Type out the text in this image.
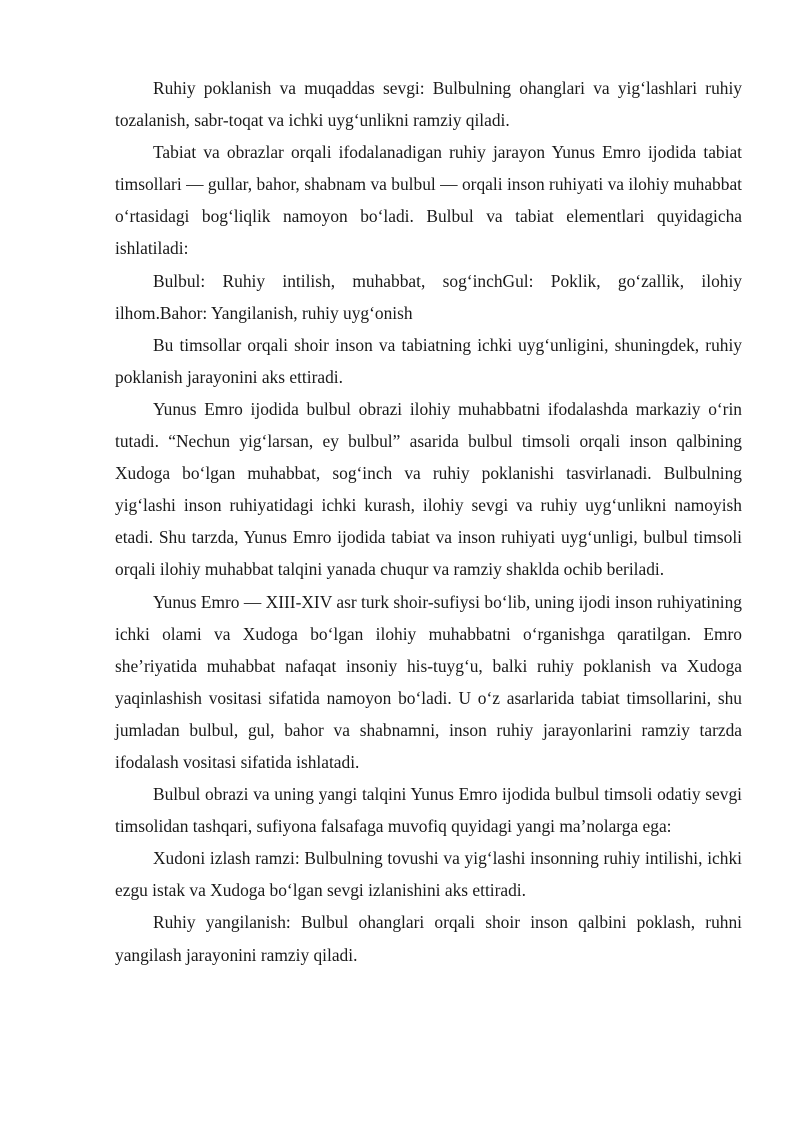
Ruhiy poklanish va muqaddas sevgi: Bulbulning ohanglari va yig‘lashlari ruhiy tozalanish, sabr-toqat va ichki uyg‘unlikni ramziy qiladi.

Tabiat va obrazlar orqali ifodalanadigan ruhiy jarayon Yunus Emro ijodida tabiat timsollari — gullar, bahor, shabnam va bulbul — orqali inson ruhiyati va ilohiy muhabbat o‘rtasidagi bog‘liqlik namoyon bo‘ladi. Bulbul va tabiat elementlari quyidagicha ishlatiladi:

Bulbul: Ruhiy intilish, muhabbat, sog‘inchGul: Poklik, go‘zallik, ilohiy ilhom.Bahor: Yangilanish, ruhiy uyg‘onish

Bu timsollar orqali shoir inson va tabiatning ichki uyg‘unligini, shuningdek, ruhiy poklanish jarayonini aks ettiradi.

Yunus Emro ijodida bulbul obrazi ilohiy muhabbatni ifodalashda markaziy o‘rin tutadi. “Nechun yig‘larsan, ey bulbul” asarida bulbul timsoli orqali inson qalbining Xudoga bo‘lgan muhabbat, sog‘inch va ruhiy poklanishi tasvirlanadi. Bulbulning yig‘lashi inson ruhiyatidagi ichki kurash, ilohiy sevgi va ruhiy uyg‘unlikni namoyish etadi. Shu tarzda, Yunus Emro ijodida tabiat va inson ruhiyati uyg‘unligi, bulbul timsoli orqali ilohiy muhabbat talqini yanada chuqur va ramziy shaklda ochib beriladi.

Yunus Emro — XIII-XIV asr turk shoir-sufiysi bo‘lib, uning ijodi inson ruhiyatining ichki olami va Xudoga bo‘lgan ilohiy muhabbatni o‘rganishga qaratilgan. Emro she’riyatida muhabbat nafaqat insoniy his-tuyg‘u, balki ruhiy poklanish va Xudoga yaqinlashish vositasi sifatida namoyon bo‘ladi. U o‘z asarlarida tabiat timsollarini, shu jumladan bulbul, gul, bahor va shabnamni, inson ruhiy jarayonlarini ramziy tarzda ifodalash vositasi sifatida ishlatadi.

Bulbul obrazi va uning yangi talqini Yunus Emro ijodida bulbul timsoli odatiy sevgi timsolidan tashqari, sufiyona falsafaga muvofiq quyidagi yangi ma’nolarga ega:

Xudoni izlash ramzi: Bulbulning tovushi va yig‘lashi insonning ruhiy intilishi, ichki ezgu istak va Xudoga bo‘lgan sevgi izlanishini aks ettiradi.

Ruhiy yangilanish: Bulbul ohanglari orqali shoir inson qalbini poklash, ruhni yangilash jarayonini ramziy qiladi.
